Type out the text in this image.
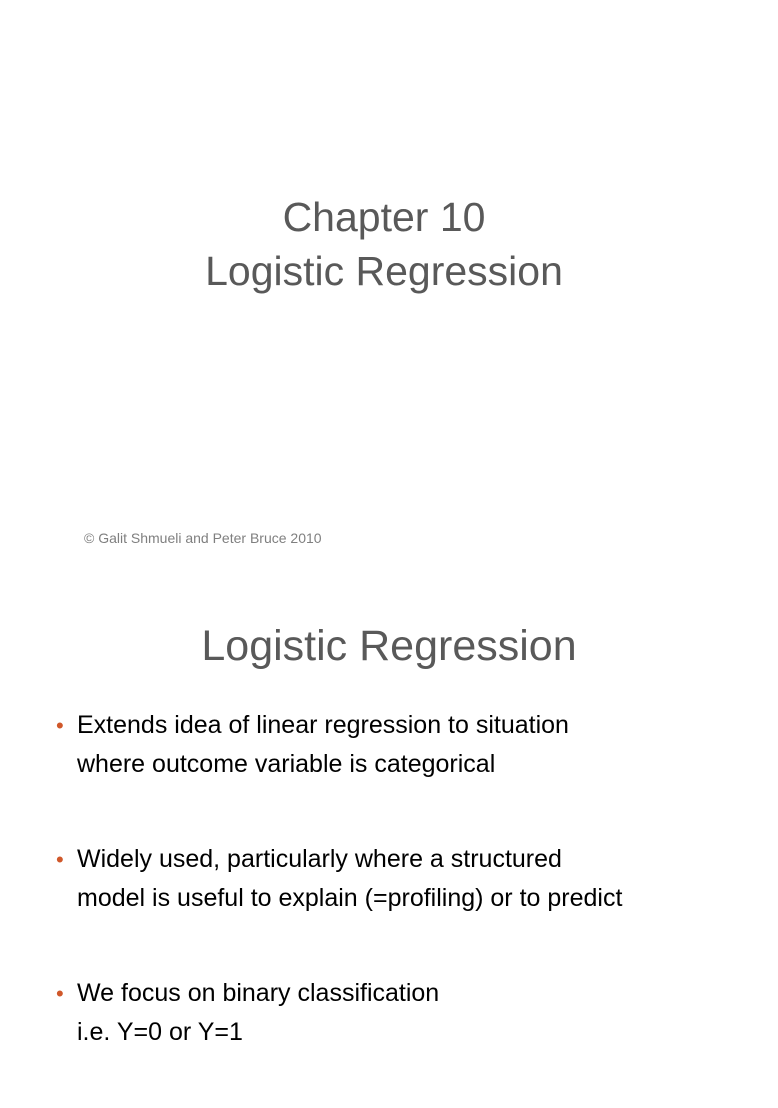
Chapter 10
Logistic Regression
© Galit Shmueli and Peter Bruce 2010
Logistic Regression
• Extends idea of linear regression to situation
where outcome variable is categorical
• Widely used, particularly where a structured
model is useful to explain (=profiling) or to predict
• We focus on binary classification
i.e. Y=0 or Y=1
